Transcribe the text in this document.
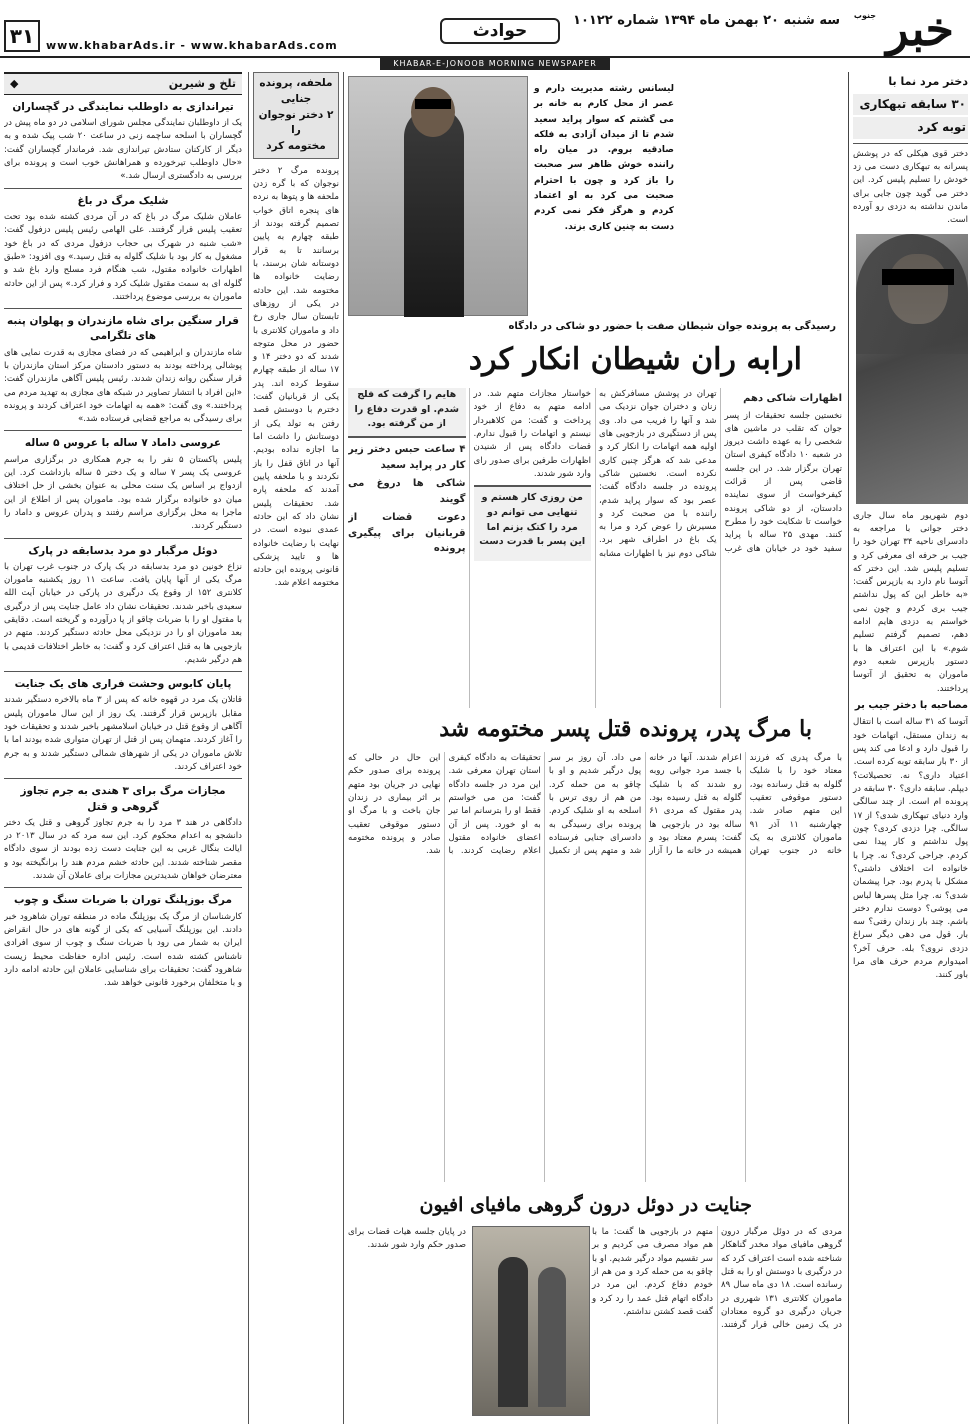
خبر
جنوب
سه شنبه ۲۰ بهمن ماه ۱۳۹۴ شماره ۱۰۱۲۲
حوادث
www.khabarAds.ir - www.khabarAds.com
۳۱
KHABAR-E-JONOOB MORNING NEWSPAPER
دختر مرد نما با
۳۰ سابقه تبهکاری
توبه کرد

دختر قوی هیکلی که در پوشش پسرانه به تبهکاری دست می زد خودش را تسلیم پلیس کرد. این دختر می گوید چون جایی برای ماندن نداشته به دزدی رو آورده است.

دوم شهریور ماه سال جاری دختر جوانی با مراجعه به دادسرای ناحیه ۳۴ تهران خود را جیب بر حرفه ای معرفی کرد و تسلیم پلیس شد. این دختر که آتوسا نام دارد به بازپرس گفت: «به خاطر این که پول نداشتم جیب بری کردم و چون نمی خواستم به دزدی هایم ادامه دهم، تصمیم گرفتم تسلیم شوم.» با این اعتراف ها با دستور بازپرس شعبه دوم ماموران به تحقیق از آتوسا پرداختند.

مصاحبه با دختر جیب بر

آتوسا که ۳۱ ساله است با انتقال به زندان مستقل، اتهامات خود را قبول دارد و ادعا می کند پس از ۳۰ بار سابقه توبه کرده است.

اعتیاد داری؟ نه. تحصیلاتت؟ دیپلم. سابقه داری؟ ۳۰ سابقه در پرونده ام است. از چند سالگی وارد دنیای تبهکاری شدی؟ از ۱۷ سالگی. چرا دزدی کردی؟ چون پول نداشتم و کار پیدا نمی کردم. جراحی کردی؟ نه. چرا با خانواده ات اختلاف داشتی؟ مشکل با پدرم بود. جرا پیشمان شدی؟ نه. چرا مثل پسرها لباس می پوشی؟ دوست ندارم دختر باشم. چند بار زندان رفتی؟ سه بار. قول می دهی دیگر سراغ دزدی نروی؟ بله. حرف آخر؟ امیدوارم مردم حرف های مرا باور کنند.

لیسانس رشته مدیریت دارم و عصر از محل کارم به خانه بر می گشتم که سوار پراید سعید شدم تا از میدان آزادی به فلکه صادقیه بروم. در میان راه راننده خوش ظاهر سر صحبت را باز کرد و چون با احترام صحبت می کرد به او اعتماد کردم و هرگز فکر نمی کردم دست به چنین کاری بزند.
رسیدگی به پرونده جوان شیطان صفت با حضور دو شاکی در دادگاه
ارابه ران شیطان انکار کرد
اظهارات شاکی دهم
نخستین جلسه تحقیقات از پسر جوان که تقلب در ماشین های شخصی را به عهده داشت دیروز در شعبه ۱۰ دادگاه کیفری استان تهران برگزار شد. در این جلسه قاضی پس از قرائت کیفرخواست از سوی نماینده دادستان، از دو شاکی پرونده خواست تا شکایت خود را مطرح کنند. مهدی ۲۵ ساله با پراید سفید خود در خیابان های غرب تهران در پوشش مسافرکش به زنان و دختران جوان نزدیک می شد و آنها را فریب می داد. وی پس از دستگیری در بازجویی های اولیه همه اتهامات را انکار کرد و مدعی شد که هرگز چنین کاری نکرده است. نخستین شاکی پرونده در جلسه دادگاه گفت: عصر بود که سوار پراید شدم، راننده با من صحبت کرد و مسیرش را عوض کرد و مرا به یک باغ در اطراف شهر برد. شاکی دوم نیز با اظهارات مشابه خواستار مجازات متهم شد. در ادامه متهم به دفاع از خود پرداخت و گفت: من کلاهبردار نیستم و اتهامات را قبول ندارم. قضات دادگاه پس از شنیدن اظهارات طرفین برای صدور رای وارد شور شدند.
من روزی کار هستم و تنهایی می توانم دو مرد را کتک بزنم اما این پسر با قدرت دست هایم را گرفت که فلج شدم. او قدرت دفاع را از من گرفته بود.
۴ ساعت حبس دختر زیر کار در پراید سعید
شاکی ها دروغ می گویند
دعوت قضات از قربانیان برای پیگیری پرونده
با مرگ پدر، پرونده قتل پسر مختومه شد
با مرگ پدری که فرزند معتاد خود را با شلیک گلوله به قتل رسانده بود، دستور موقوفی تعقیب این متهم صادر شد. چهارشنبه ۱۱ آذر ۹۱ ماموران کلانتری به یک خانه در جنوب تهران اعزام شدند. آنها در خانه با جسد مرد جوانی روبه رو شدند که با شلیک گلوله به قتل رسیده بود. پدر مقتول که مردی ۶۱ ساله بود در بازجویی ها گفت: پسرم معتاد بود و همیشه در خانه ما را آزار می داد. آن روز بر سر پول درگیر شدیم و او با چاقو به من حمله کرد. من هم از روی ترس با اسلحه به او شلیک کردم. پرونده برای رسیدگی به دادسرای جنایی فرستاده شد و متهم پس از تکمیل تحقیقات به دادگاه کیفری استان تهران معرفی شد. این مرد در جلسه دادگاه گفت: من می خواستم فقط او را بترسانم اما تیر به او خورد. پس از آن اعضای خانواده مقتول اعلام رضایت کردند. با این حال در حالی که پرونده برای صدور حکم نهایی در جریان بود متهم بر اثر بیماری در زندان جان باخت و با مرگ او دستور موقوفی تعقیب صادر و پرونده مختومه شد.
جنایت در دوئل درون گروهی مافیای افیون
مردی که در دوئل مرگبار درون گروهی مافیای مواد مخدر گناهکار شناخته شده است اعتراف کرد که در درگیری با دوستش او را به قتل رسانده است. ۱۸ دی ماه سال ۸۹ ماموران کلانتری ۱۳۱ شهرری در جریان درگیری دو گروه معتادان در یک زمین خالی قرار گرفتند. متهم در بازجویی ها گفت: ما با هم مواد مصرف می کردیم و بر سر تقسیم مواد درگیر شدیم. او با چاقو به من حمله کرد و من هم از خودم دفاع کردم. این مرد در دادگاه اتهام قتل عمد را رد کرد و گفت قصد کشتن نداشتم.
در پایان جلسه هیات قضات برای صدور حکم وارد شور شدند.
ملحفه، پرونده جنایی
۲ دختر نوجوان را
مختومه کرد

پرونده مرگ ۲ دختر نوجوان که با گره زدن ملحفه ها و پتوها به نرده های پنجره اتاق خواب تصمیم گرفته بودند از طبقه چهارم به پایین برسانند تا به قرار دوستانه شان برسند، با رضایت خانواده ها مختومه شد. این حادثه در یکی از روزهای تابستان سال جاری رخ داد و ماموران کلانتری با حضور در محل متوجه شدند که دو دختر ۱۴ و ۱۷ ساله از طبقه چهارم سقوط کرده اند. پدر یکی از قربانیان گفت: دخترم با دوستش قصد رفتن به تولد یکی از دوستانش را داشت اما ما اجازه نداده بودیم. آنها در اتاق قفل را باز نکردند و با ملحفه پایین آمدند که ملحفه پاره شد. تحقیقات پلیس نشان داد که این حادثه عمدی نبوده است. در نهایت با رضایت خانواده ها و تایید پزشکی قانونی پرونده این حادثه مختومه اعلام شد.

تلخ و شیرین
◆
تیراندازی به داوطلب نمایندگی در گچساران

یک از داوطلبان نمایندگی مجلس شورای اسلامی در دو ماه پیش در گچساران با اسلحه ساچمه زنی در ساعت ۲۰ شب پیک شده و به دیگر از کارکنان ستادش تیراندازی شد. فرماندار گچساران گفت: «حال داوطلب تیرخورده و همراهانش خوب است و پرونده برای بررسی به دادگستری ارسال شد.»

شلیک مرگ در باغ

عاملان شلیک مرگ در باغ که در آن مردی کشته شده بود تحت تعقیب پلیس قرار گرفتند. علی الهامی رئیس پلیس دزفول گفت: «شب شنبه در شهرک بی حجاب دزفول مردی که در باغ خود مشغول به کار بود با شلیک گلوله به قتل رسید.» وی افزود: «طبق اظهارات خانواده مقتول، شب هنگام فرد مسلح وارد باغ شد و گلوله ای به سمت مقتول شلیک کرد و فرار کرد.» پس از این حادثه ماموران به بررسی موضوع پرداختند.

قرار سنگین برای شاه مازندران و پهلوان پنبه های تلگرامی

شاه مازندران و ابراهیمی که در فضای مجازی به قدرت نمایی های پوشالی پرداخته بودند به دستور دادستان مرکز استان مازندران با قرار سنگین روانه زندان شدند. رئیس پلیس آگاهی مازندران گفت: «این افراد با انتشار تصاویر در شبکه های مجازی به تهدید مردم می پرداختند.» وی گفت: «همه به اتهامات خود اعتراف کردند و پرونده برای رسیدگی به مراجع قضایی فرستاده شد.»

عروسی داماد ۷ ساله با عروس ۵ ساله

پلیس پاکستان ۵ نفر را به جرم همکاری در برگزاری مراسم عروسی یک پسر ۷ ساله و یک دختر ۵ ساله بازداشت کرد. این ازدواج بر اساس یک سنت محلی به عنوان بخشی از حل اختلاف میان دو خانواده برگزار شده بود. ماموران پس از اطلاع از این ماجرا به محل برگزاری مراسم رفتند و پدران عروس و داماد را دستگیر کردند.

دوئل مرگبار دو مرد بدسابقه در پارک

نزاع خونین دو مرد بدسابقه در یک پارک در جنوب غرب تهران با مرگ یکی از آنها پایان یافت. ساعت ۱۱ روز یکشنبه ماموران کلانتری ۱۵۲ از وقوع یک درگیری در پارکی در خیابان آیت الله سعیدی باخبر شدند. تحقیقات نشان داد عامل جنایت پس از درگیری با مقتول او را با ضربات چاقو از پا درآورده و گریخته است. دقایقی بعد ماموران او را در نزدیکی محل حادثه دستگیر کردند. متهم در بازجویی ها به قتل اعتراف کرد و گفت: به خاطر اختلافات قدیمی با هم درگیر شدیم.

پایان کابوس وحشت فراری های یک جنایت

قاتلان یک مرد در قهوه خانه که پس از ۳ ماه بالاخره دستگیر شدند مقابل بازپرس قرار گرفتند. یک روز از این سال ماموران پلیس آگاهی از وقوع قتل در خیابان اسلامشهر باخبر شدند و تحقیقات خود را آغاز کردند. متهمان پس از قتل از تهران متواری شده بودند اما با تلاش ماموران در یکی از شهرهای شمالی دستگیر شدند و به جرم خود اعتراف کردند.

مجازات مرگ برای ۳ هندی به جرم تجاوز گروهی و قتل

دادگاهی در هند ۳ مرد را به جرم تجاوز گروهی و قتل یک دختر دانشجو به اعدام محکوم کرد. این سه مرد که در سال ۲۰۱۳ در ایالت بنگال غربی به این جنایت دست زده بودند از سوی دادگاه مقصر شناخته شدند. این حادثه خشم مردم هند را برانگیخته بود و معترضان خواهان شدیدترین مجازات برای عاملان آن شدند.

مرگ بوزپلنگ توران با ضربات سنگ و چوب

کارشناسان از مرگ یک بوزپلنگ ماده در منطقه توران شاهرود خبر دادند. این بوزپلنگ آسیایی که یکی از گونه های در حال انقراض ایران به شمار می رود با ضربات سنگ و چوب از سوی افرادی ناشناس کشته شده است. رئیس اداره حفاظت محیط زیست شاهرود گفت: تحقیقات برای شناسایی عاملان این حادثه ادامه دارد و با متخلفان برخورد قانونی خواهد شد.
